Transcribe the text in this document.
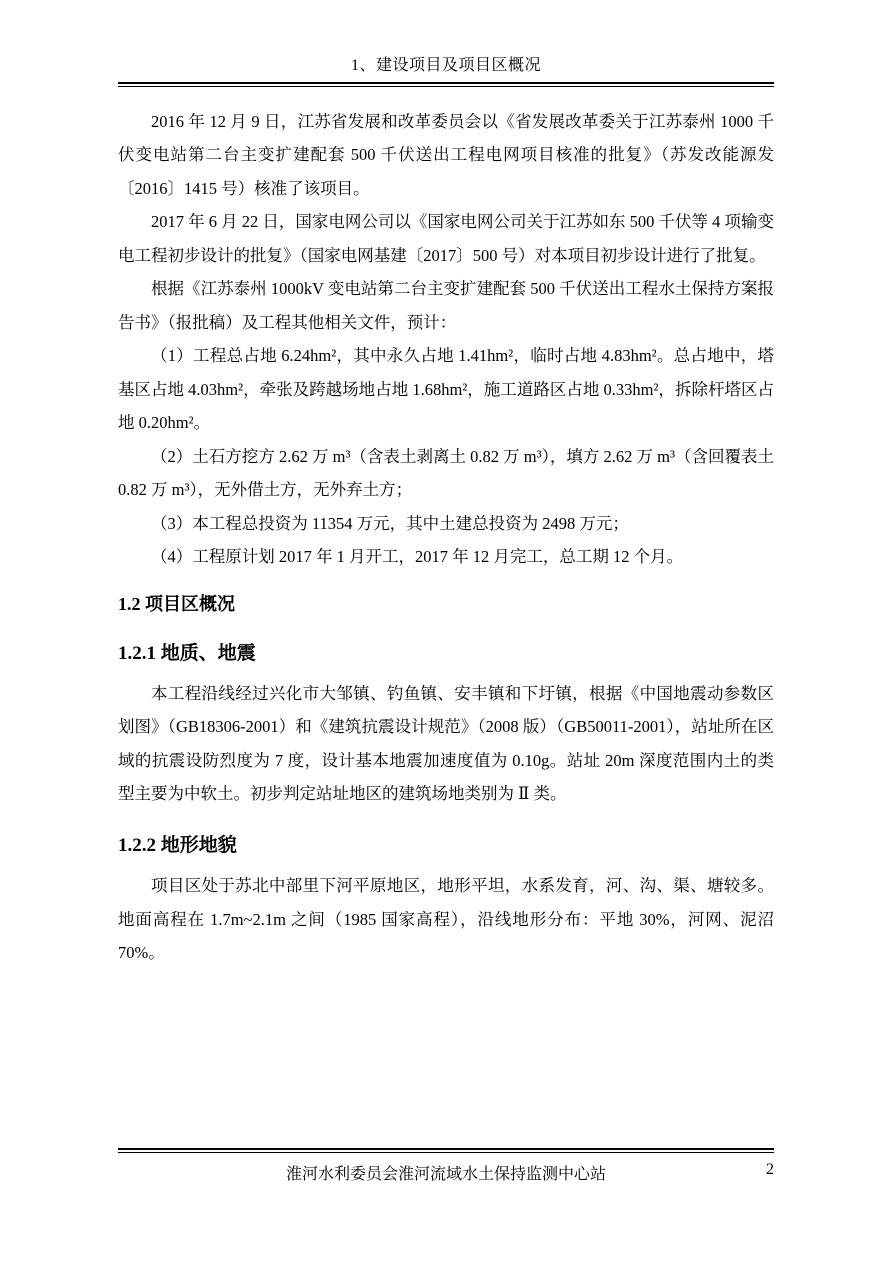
1、建设项目及项目区概况

2016 年 12 月 9 日，江苏省发展和改革委员会以《省发展改革委关于江苏泰州 1000 千伏变电站第二台主变扩建配套 500 千伏送出工程电网项目核准的批复》（苏发改能源发〔2016〕1415 号）核准了该项目。

2017 年 6 月 22 日，国家电网公司以《国家电网公司关于江苏如东 500 千伏等 4 项输变电工程初步设计的批复》（国家电网基建〔2017〕500 号）对本项目初步设计进行了批复。

根据《江苏泰州 1000kV 变电站第二台主变扩建配套 500 千伏送出工程水土保持方案报告书》（报批稿）及工程其他相关文件，预计：

（1）工程总占地 6.24hm²，其中永久占地 1.41hm²，临时占地 4.83hm²。总占地中，塔基区占地 4.03hm²，牵张及跨越场地占地 1.68hm²，施工道路区占地 0.33hm²，拆除杆塔区占地 0.20hm²。

（2）土石方挖方 2.62 万 m³（含表土剥离土 0.82 万 m³），填方 2.62 万 m³（含回覆表土 0.82 万 m³），无外借土方，无外弃土方；

（3）本工程总投资为 11354 万元，其中土建总投资为 2498 万元；

（4）工程原计划 2017 年 1 月开工，2017 年 12 月完工，总工期 12 个月。

1.2 项目区概况
1.2.1 地质、地震

本工程沿线经过兴化市大邹镇、钓鱼镇、安丰镇和下圩镇，根据《中国地震动参数区划图》（GB18306-2001）和《建筑抗震设计规范》（2008 版）（GB50011-2001），站址所在区域的抗震设防烈度为 7 度，设计基本地震加速度值为 0.10g。站址 20m 深度范围内土的类型主要为中软土。初步判定站址地区的建筑场地类别为 Ⅱ 类。

1.2.2 地形地貌

项目区处于苏北中部里下河平原地区，地形平坦，水系发育，河、沟、渠、塘较多。地面高程在 1.7m~2.1m 之间（1985 国家高程），沿线地形分布：平地 30%，河网、泥沼 70%。

淮河水利委员会淮河流域水土保持监测中心站	2
